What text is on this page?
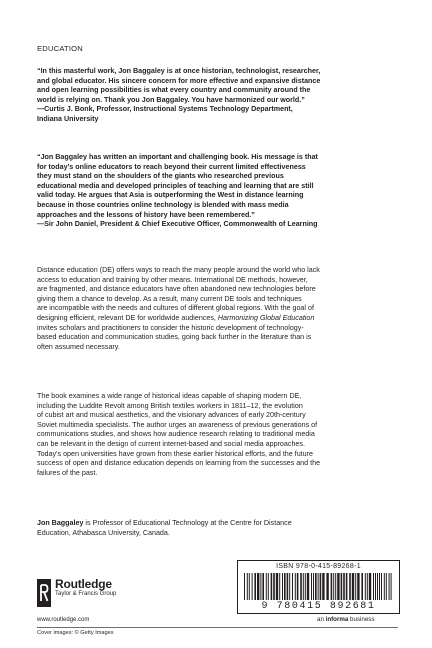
EDUCATION

“In this masterful work, Jon Baggaley is at once historian, technologist, researcher,
and global educator. His sincere concern for more effective and expansive distance
and open learning possibilities is what every country and community around the
world is relying on. Thank you Jon Baggaley. You have harmonized our world.”
—Curtis J. Bonk, Professor, Instructional Systems Technology Department,
Indiana University

“Jon Baggaley has written an important and challenging book. His message is that
for today’s online educators to reach beyond their current limited effectiveness
they must stand on the shoulders of the giants who researched previous
educational media and developed principles of teaching and learning that are still
valid today. He argues that Asia is outperforming the West in distance learning
because in those countries online technology is blended with mass media
approaches and the lessons of history have been remembered.”
—Sir John Daniel, President & Chief Executive Officer, Commonwealth of Learning

Distance education (DE) offers ways to reach the many people around the world who lack
access to education and training by other means. International DE methods, however,
are fragmented, and distance educators have often abandoned new technologies before
giving them a chance to develop. As a result, many current DE tools and techniques
are incompatible with the needs and cultures of different global regions. With the goal of
designing efficient, relevant DE for worldwide audiences, Harmonizing Global Education
invites scholars and practitioners to consider the historic development of technology-
based education and communication studies, going back further in the literature than is
often assumed necessary.

The book examines a wide range of historical ideas capable of shaping modern DE,
including the Luddite Revolt among British textiles workers in 1811–12, the evolution
of cubist art and musical aesthetics, and the visionary advances of early 20th-century
Soviet multimedia specialists. The author urges an awareness of previous generations of
communications studies, and shows how audience research relating to traditional media
can be relevant in the design of current internet-based and social media approaches.
Today’s open universities have grown from these earlier historical efforts, and the future
success of open and distance education depends on learning from the successes and the
failures of the past.

Jon Baggaley is Professor of Educational Technology at the Centre for Distance
Education, Athabasca University, Canada.

ISBN 978-0-415-89268-1
9 780415 892681
Routledge
Taylor & Francis Group
www.routledge.com	an informa business
Cover images: © Getty Images
